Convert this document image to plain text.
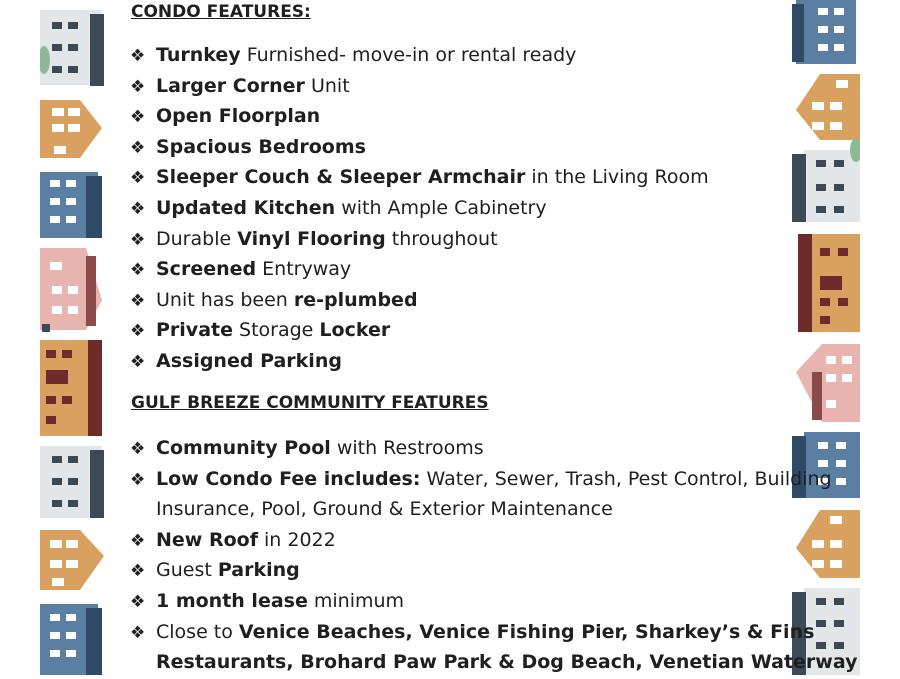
CONDO FEATURES:
❖ Turnkey Furnished- move-in or rental ready
❖ Larger Corner Unit
❖ Open Floorplan
❖ Spacious Bedrooms
❖ Sleeper Couch & Sleeper Armchair in the Living Room
❖ Updated Kitchen with Ample Cabinetry
❖ Durable Vinyl Flooring throughout
❖ Screened Entryway
❖ Unit has been re-plumbed
❖ Private Storage Locker
❖ Assigned Parking
GULF BREEZE COMMUNITY FEATURES
❖ Community Pool with Restrooms
❖ Low Condo Fee includes: Water, Sewer, Trash, Pest Control, Building
Insurance, Pool, Ground & Exterior Maintenance
❖ New Roof in 2022
❖ Guest Parking
❖ 1 month lease minimum
❖ Close to Venice Beaches, Venice Fishing Pier, Sharkey’s & Fins
Restaurants, Brohard Paw Park & Dog Beach, Venetian Waterway
